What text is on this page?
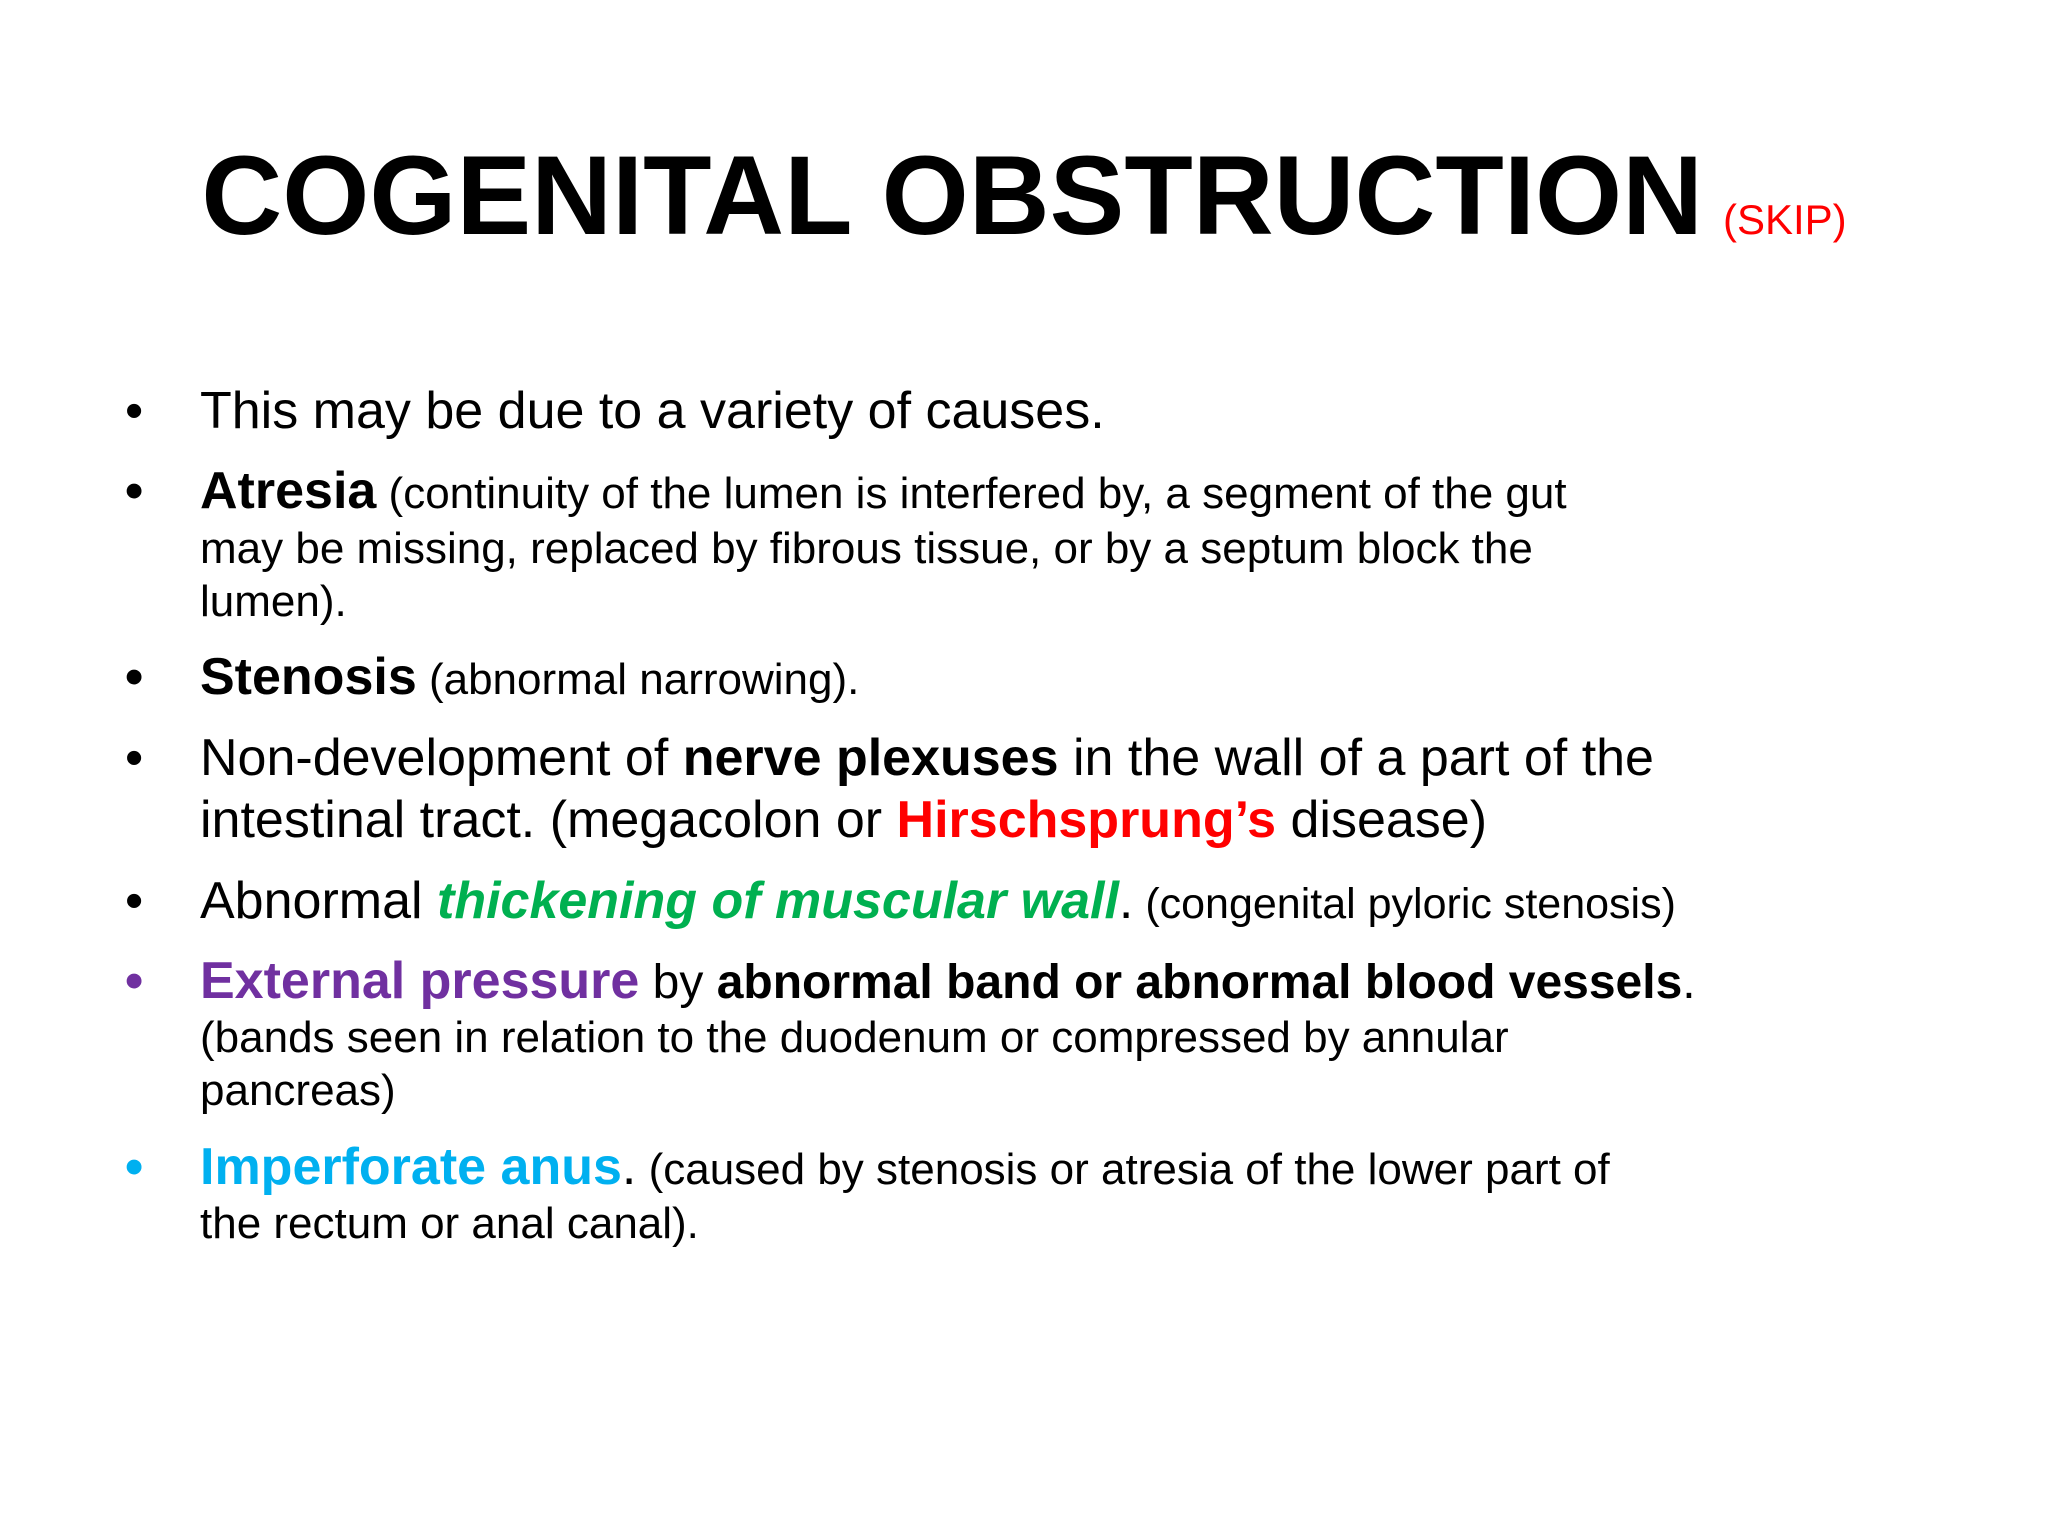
COGENITAL OBSTRUCTION (SKIP)
• This may be due to a variety of causes.
• Atresia (continuity of the lumen is interfered by, a segment of the gut
may be missing, replaced by fibrous tissue, or by a septum block the
lumen).
• Stenosis (abnormal narrowing).
• Non-development of nerve plexuses in the wall of a part of the
intestinal tract. (megacolon or Hirschsprung’s disease)
• Abnormal thickening of muscular wall. (congenital pyloric stenosis)
• External pressure by abnormal band or abnormal blood vessels.
(bands seen in relation to the duodenum or compressed by annular
pancreas)
• Imperforate anus. (caused by stenosis or atresia of the lower part of
the rectum or anal canal).
